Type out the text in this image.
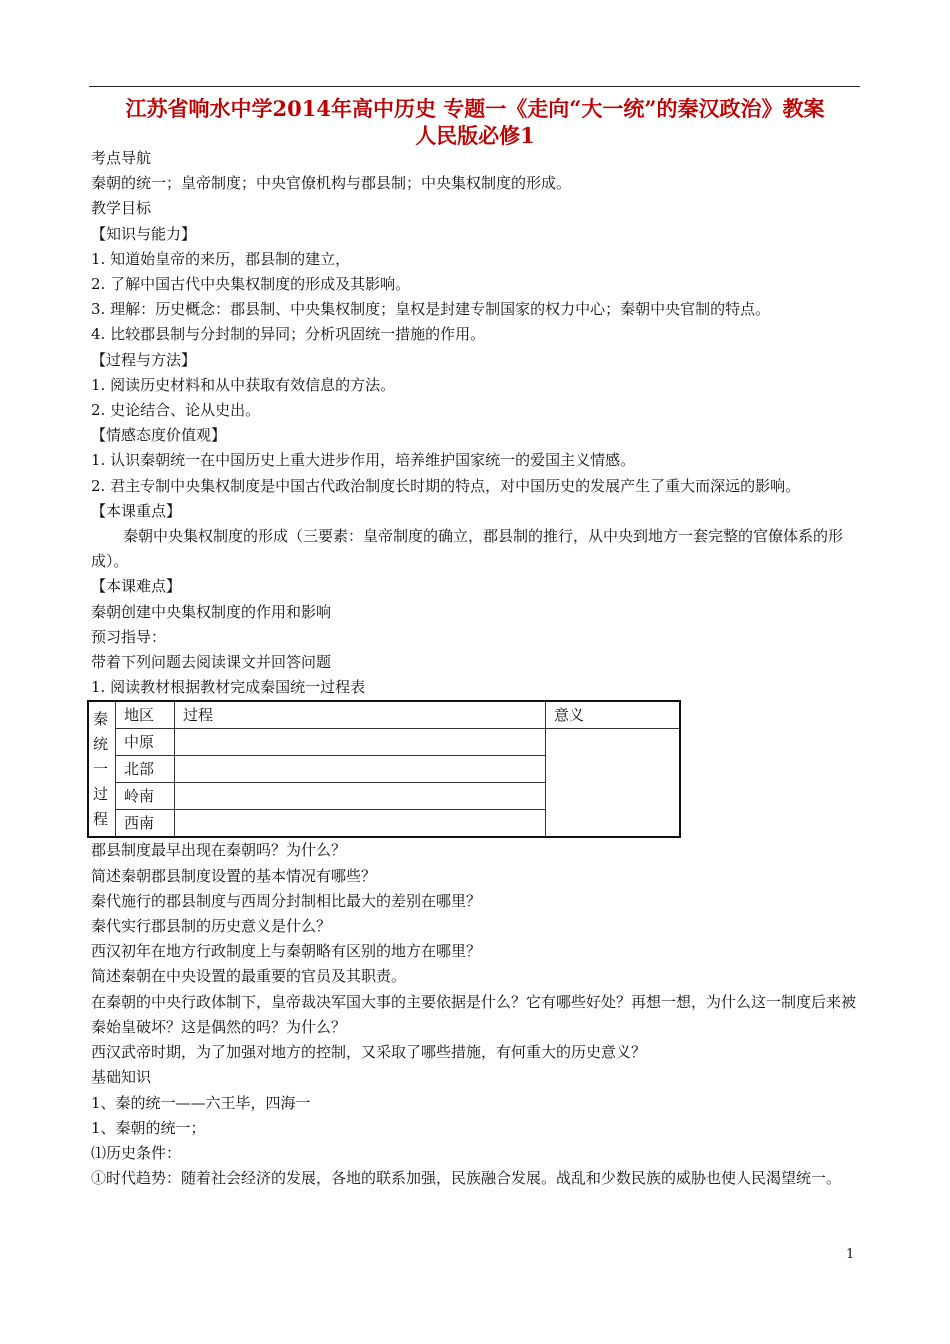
江苏省响水中学2014年高中历史 专题一《走向“大一统”的秦汉政治》教案
人民版必修1

考点导航

秦朝的统一；皇帝制度；中央官僚机构与郡县制；中央集权制度的形成。

教学目标

【知识与能力】

1. 知道始皇帝的来历，郡县制的建立，

2. 了解中国古代中央集权制度的形成及其影响。

3. 理解：历史概念：郡县制、中央集权制度；皇权是封建专制国家的权力中心；秦朝中央官制的特点。

4. 比较郡县制与分封制的异同；分析巩固统一措施的作用。

【过程与方法】

1. 阅读历史材料和从中获取有效信息的方法。

2. 史论结合、论从史出。

【情感态度价值观】

1. 认识秦朝统一在中国历史上重大进步作用，培养维护国家统一的爱国主义情感。

2. 君主专制中央集权制度是中国古代政治制度长时期的特点，对中国历史的发展产生了重大而深远的影响。

【本课重点】

秦朝中央集权制度的形成（三要素：皇帝制度的确立，郡县制的推行，从中央到地方一套完整的官僚体系的形成）。

【本课难点】

秦朝创建中央集权制度的作用和影响

预习指导：

带着下列问题去阅读课文并回答问题

1. 阅读教材根据教材完成秦国统一过程表

秦
统
一
过
程	地区	过程	意义
	中原		
	北部		
	岭南		
	西南		

郡县制度最早出现在秦朝吗？为什么？

简述秦朝郡县制度设置的基本情况有哪些？

秦代施行的郡县制度与西周分封制相比最大的差别在哪里？

秦代实行郡县制的历史意义是什么？

西汉初年在地方行政制度上与秦朝略有区别的地方在哪里？

简述秦朝在中央设置的最重要的官员及其职责。

在秦朝的中央行政体制下，皇帝裁决军国大事的主要依据是什么？它有哪些好处？再想一想，为什么这一制度后来被秦始皇破坏？这是偶然的吗？为什么？

西汉武帝时期，为了加强对地方的控制，又采取了哪些措施，有何重大的历史意义？

基础知识

1、秦的统一——六王毕，四海一

1、秦朝的统一；

⑴历史条件：

①时代趋势：随着社会经济的发展，各地的联系加强，民族融合发展。战乱和少数民族的威胁也使人民渴望统一。

1
